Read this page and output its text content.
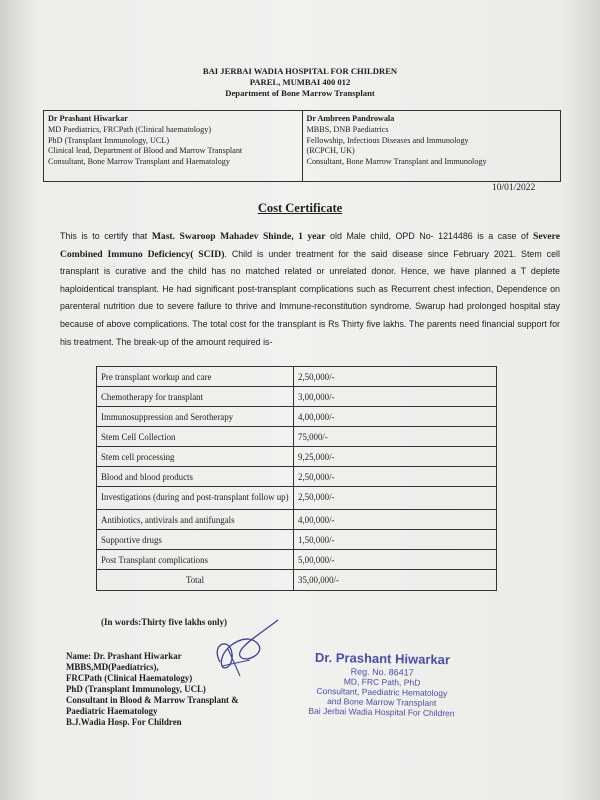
BAI JERBAI WADIA HOSPITAL FOR CHILDREN
PAREL, MUMBAI 400 012
Department of Bone Marrow Transplant
Dr Prashant Hiwarkar
MD Paediatrics, FRCPath (Clinical haematology)
PhD (Transplant Immunology, UCL)
Clinical lead, Department of Blood and Marrow Transplant
Consultant, Bone Marrow Transplant and Haematology
Dr Ambreen Pandrowala
MBBS, DNB Paediatrics
Fellowship, Infectious Diseases and Immunology
(RCPCH, UK)
Consultant, Bone Marrow Transplant and Immunology
10/01/2022
Cost Certificate
This is to certify that Mast. Swaroop Mahadev Shinde, 1 year old Male child, OPD No- 1214486 is a case of Severe Combined Immuno Deficiency( SCID). Child is under treatment for the said disease since February 2021. Stem cell transplant is curative and the child has no matched related or unrelated donor. Hence, we have planned a T deplete haploidentical transplant. He had significant post-transplant complications such as Recurrent chest infection, Dependence on parenteral nutrition due to severe failure to thrive and Immune-reconstitution syndrome. Swarup had prolonged hospital stay because of above complications. The total cost for the transplant is Rs Thirty five lakhs. The parents need financial support for his treatment. The break-up of the amount required is-
Pre transplant workup and care	2,50,000/-
Chemotherapy for transplant	3,00,000/-
Immunosuppression and Serotherapy	4,00,000/-
Stem Cell Collection	75,000/-
Stem cell processing	9,25,000/-
Blood and blood products	2,50,000/-
Investigations (during and post-transplant follow up)	2,50,000/-
Antibiotics, antivirals and antifungals	4,00,000/-
Supportive drugs	1,50,000/-
Post Transplant complications	5,00,000/-
Total	35,00,000/-
(In words:Thirty five lakhs only)
Name: Dr. Prashant Hiwarkar
MBBS,MD(Paediatrics),
FRCPath (Clinical Haematology)
PhD (Transplant Immunology, UCL)
Consultant in Blood & Marrow Transplant &
Paediatric Haematology
B.J.Wadia Hosp. For Children
Dr. Prashant Hiwarkar
Reg. No. 86417
MD, FRC Path, PhD
Consultant, Paediatric Hematology
and Bone Marrow Transplant
Bai Jerbai Wadia Hospital For Children
